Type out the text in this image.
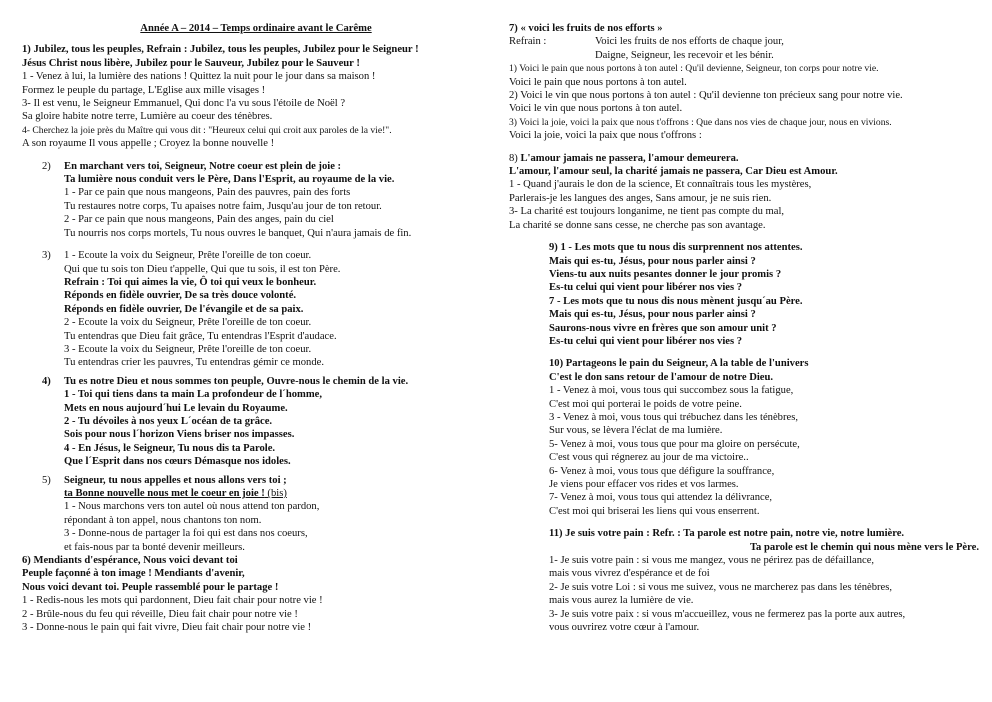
Année A – 2014 – Temps ordinaire avant le Carême
1) Jubilez, tous les peuples, Refrain : Jubilez, tous les peuples, Jubilez pour le Seigneur !
Jésus Christ nous libère, Jubilez pour le Sauveur, Jubilez pour le Sauveur !
1 - Venez à lui, la lumière des nations ! Quittez la nuit pour le jour dans sa maison !
Formez le peuple du partage, L'Eglise aux mille visages !
3- Il est venu, le Seigneur Emmanuel, Qui donc l'a vu sous l'étoile de Noël ?
Sa gloire habite notre terre, Lumière au coeur des ténèbres.
4- Cherchez la joie près du Maître qui vous dit : "Heureux celui qui croit aux paroles de la vie!".
A son royaume Il vous appelle ; Croyez la bonne nouvelle !
2) En marchant vers toi, Seigneur, Notre coeur est plein de joie :
Ta lumière nous conduit vers le Père, Dans l'Esprit, au royaume de la vie.
1 - Par ce pain que nous mangeons, Pain des pauvres, pain des forts
Tu restaures notre corps, Tu apaises notre faim, Jusqu'au jour de ton retour.
2 - Par ce pain que nous mangeons, Pain des anges, pain du ciel
Tu nourris nos corps mortels, Tu nous ouvres le banquet, Qui n'aura jamais de fin.
3) 1 - Ecoute la voix du Seigneur, Prête l'oreille de ton coeur.
Qui que tu sois ton Dieu t'appelle, Qui que tu sois, il est ton Père.
Refrain : Toi qui aimes la vie, Ô toi qui veux le bonheur.
Réponds en fidèle ouvrier, De sa très douce volonté.
Réponds en fidèle ouvrier, De l'évangile et de sa paix.
2 - Ecoute la voix du Seigneur, Prête l'oreille de ton coeur.
Tu entendras que Dieu fait grâce, Tu entendras l'Esprit d'audace.
3 - Ecoute la voix du Seigneur, Prête l'oreille de ton coeur.
Tu entendras crier les pauvres, Tu entendras gémir ce monde.
4) Tu es notre Dieu et nous sommes ton peuple, Ouvre-nous le chemin de la vie.
1 - Toi qui tiens dans ta main La profondeur de l´homme,
Mets en nous aujourd´hui Le levain du Royaume.
2 - Tu dévoiles à nos yeux L´océan de ta grâce.
Sois pour nous l´horizon Viens briser nos impasses.
4 - En Jésus, le Seigneur, Tu nous dis ta Parole.
Que l´Esprit dans nos cœurs Démasque nos idoles.
5) Seigneur, tu nous appelles et nous allons vers toi ;
ta Bonne nouvelle nous met le coeur en joie ! (bis)
1 - Nous marchons vers ton autel où nous attend ton pardon,
répondant à ton appel, nous chantons ton nom.
3 - Donne-nous de partager la foi qui est dans nos coeurs,
et fais-nous par ta bonté devenir meilleurs.
6) Mendiants d'espérance, Nous voici devant toi
Peuple façonné à ton image ! Mendiants d'avenir,
Nous voici devant toi. Peuple rassemblé pour le partage !
1 - Redis-nous les mots qui pardonnent, Dieu fait chair pour notre vie !
2 - Brûle-nous du feu qui réveille, Dieu fait chair pour notre vie !
3 - Donne-nous le pain qui fait vivre, Dieu fait chair pour notre vie !
7) « voici les fruits de nos efforts »
Refrain :	Voici les fruits de nos efforts de chaque jour,
Daigne, Seigneur, les recevoir et les bénir.
1) Voici le pain que nous portons à ton autel : Qu'il devienne, Seigneur, ton corps pour notre vie.
Voici le pain que nous portons à ton autel.
2) Voici le vin que nous portons à ton autel : Qu'il devienne ton précieux sang pour notre vie.
Voici le vin que nous portons à ton autel.
3) Voici la joie, voici la paix que nous t'offrons : Que dans nos vies de chaque jour, nous en vivions.
Voici la joie, voici la paix que nous t'offrons :
8) L'amour jamais ne passera, l'amour demeurera.
L'amour, l'amour seul, la charité jamais ne passera, Car Dieu est Amour.
1 - Quand j'aurais le don de la science, Et connaîtrais tous les mystères,
Parlerais-je les langues des anges, Sans amour, je ne suis rien.
3- La charité est toujours longanime, ne tient pas compte du mal,
La charité se donne sans cesse, ne cherche pas son avantage.
9) 1 - Les mots que tu nous dis surprennent nos attentes.
Mais qui es-tu, Jésus, pour nous parler ainsi ?
Viens-tu aux nuits pesantes donner le jour promis ?
Es-tu celui qui vient pour libérer nos vies ?
7 - Les mots que tu nous dis nous mènent jusqu´au Père.
Mais qui es-tu, Jésus, pour nous parler ainsi ?
Saurons-nous vivre en frères que son amour unit ?
Es-tu celui qui vient pour libérer nos vies ?
10) Partageons le pain du Seigneur, A la table de l'univers
C'est le don sans retour de l'amour de notre Dieu.
1 - Venez à moi, vous tous qui succombez sous la fatigue,
C'est moi qui porterai le poids de votre peine.
3 - Venez à moi, vous tous qui trébuchez dans les ténèbres,
Sur vous, se lèvera l'éclat de ma lumière.
5- Venez à moi, vous tous que pour ma gloire on persécute,
C'est vous qui régnerez au jour de ma victoire..
6- Venez à moi, vous tous que défigure la souffrance,
Je viens pour effacer vos rides et vos larmes.
7- Venez à moi, vous tous qui attendez la délivrance,
C'est moi qui briserai les liens qui vous enserrent.
11) Je suis votre pain : Refr. : Ta parole est notre pain, notre vie, notre lumière.
Ta parole est le chemin qui nous mène vers le Père.
1- Je suis votre pain : si vous me mangez, vous ne périrez pas de défaillance,
mais vous vivrez d'espérance et de foi
2- Je suis votre Loi : si vous me suivez, vous ne marcherez pas dans les ténèbres,
mais vous aurez la lumière de vie.
3- Je suis votre paix : si vous m'accueillez, vous ne fermerez pas la porte aux autres,
vous ouvrirez votre cœur à l'amour.
